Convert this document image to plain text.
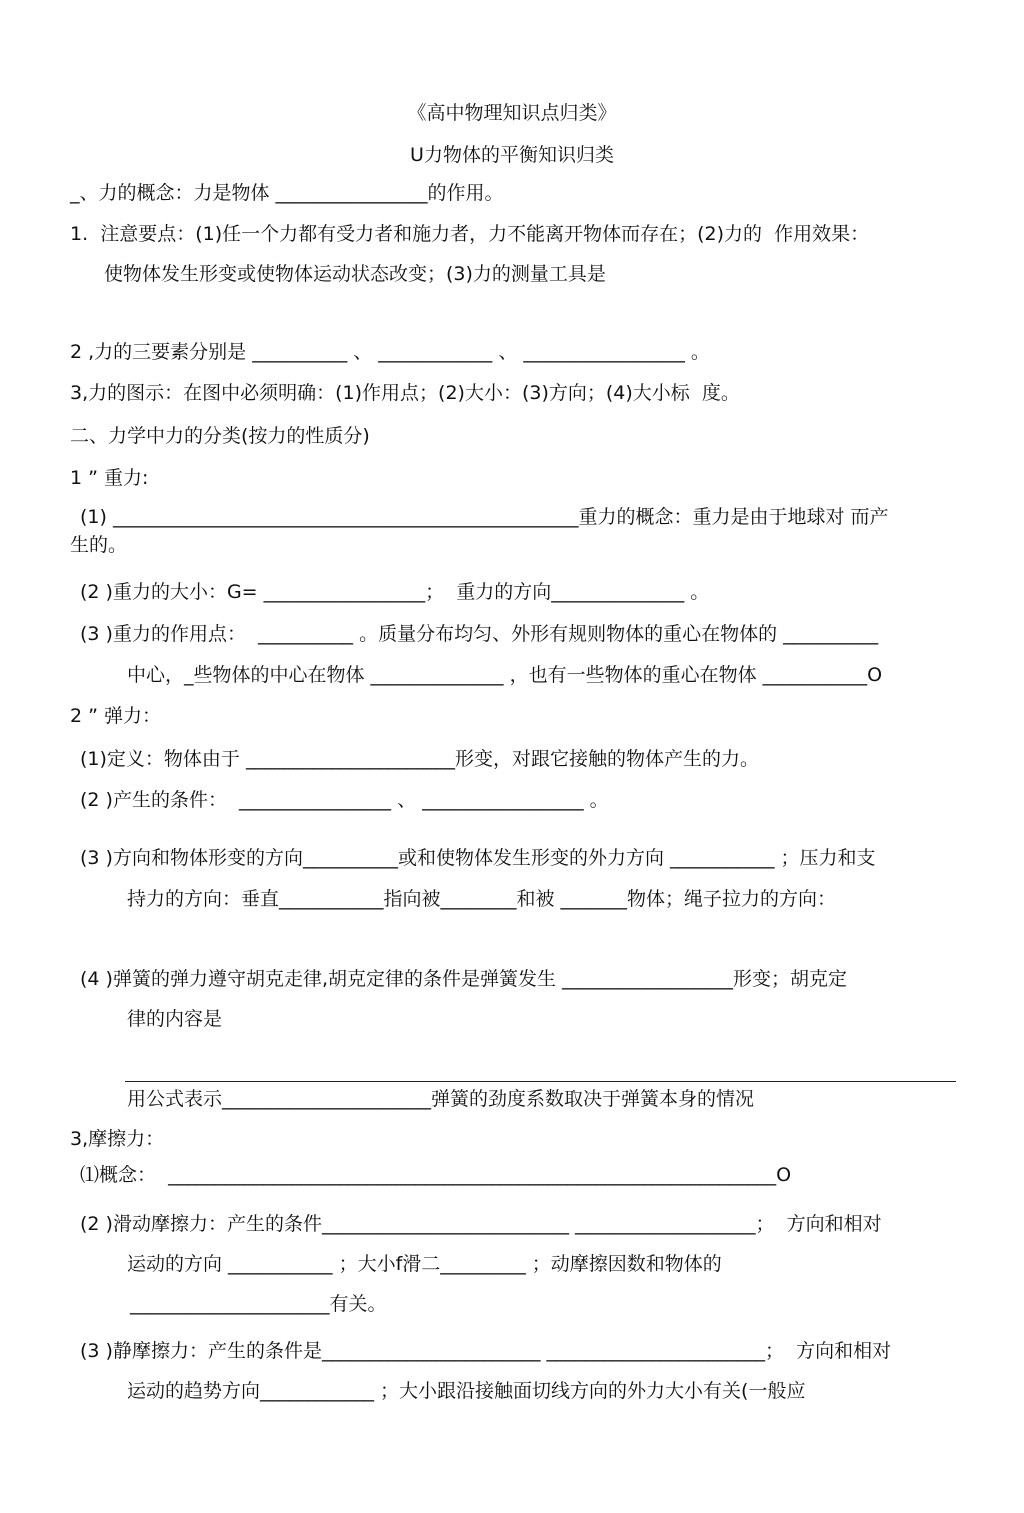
《高中物理知识点归类》
U力物体的平衡知识归类
_、力的概念：力是物体 ________________的作用。
1.  注意要点：(1)任一个力都有受力者和施力者，力不能离开物体而存在；(2)力的  作用效果：
使物体发生形变或使物体运动状态改变；(3)力的测量工具是
2 ,力的三要素分别是 __________ 、 ____________ 、 _________________ 。
3,力的图示：在图中必须明确：(1)作用点；(2)大小：(3)方向；(4)大小标  度。
二、力学中力的分类(按力的性质分)
1 ” 重力:
(1) _________________________________________________重力的概念：重力是由于地球对 而产
生的。
(2 )重力的大小：G= _________________；  重力的方向______________ 。
(3 )重力的作用点：  __________ 。质量分布均匀、外形有规则物体的重心在物体的 __________
中心，_些物体的中心在物体 ______________ ，也有一些物体的重心在物体 ___________O
2 ” 弹力：
(1)定义：物体由于 ______________________形变，对跟它接触的物体产生的力。
(2 )产生的条件：  ________________ 、 _________________ 。
(3 )方向和物体形变的方向__________或和使物体发生形变的外力方向 ___________ ；压力和支
持力的方向：垂直___________指向被________和被 _______物体；绳子拉力的方向：
(4 )弹簧的弹力遵守胡克走律,胡克定律的条件是弹簧发生 __________________形变；胡克定
律的内容是
用公式表示______________________弹簧的劲度系数取决于弹簧本身的情况
3,摩擦力：
⑴概念：  ________________________________________________________________O
(2 )滑动摩擦力：产生的条件__________________________ ___________________；  方向和相对
运动的方向 ___________ ；大小f滑二_________ ；动摩擦因数和物体的
_____________________有关。
(3 )静摩擦力：产生的条件是_______________________ _______________________；  方向和相对
运动的趋势方向____________ ；大小跟沿接触面切线方向的外力大小有关(一般应
